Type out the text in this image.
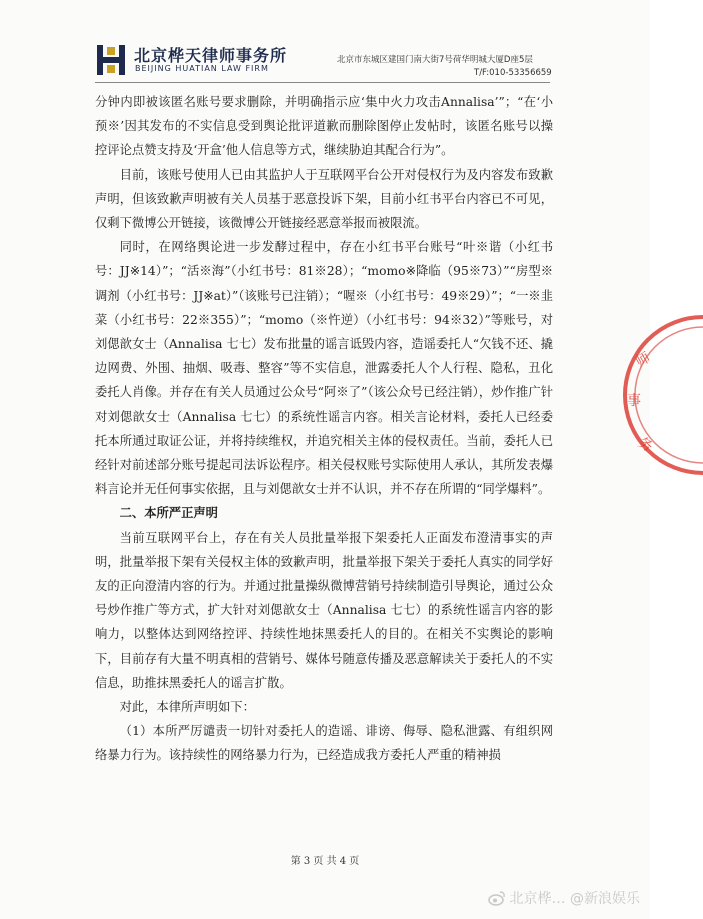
北京桦天律师事务所
BEIJING HUATIAN LAW FIRM
北京市东城区建国门南大街7号荷华明城大厦D座5层
T/F:010-53356659

分钟内即被该匿名账号要求删除，并明确指示应‘集中火力攻击Annalisa’”；“在‘小预※’因其发布的不实信息受到舆论批评道歉而删除图停止发帖时，该匿名账号以操控评论点赞支持及‘开盒’他人信息等方式，继续胁迫其配合行为”。

目前，该账号使用人已由其监护人于互联网平台公开对侵权行为及内容发布致歉声明，但该致歉声明被有关人员基于恶意投诉下架，目前小红书平台内容已不可见，仅剩下微博公开链接，该微博公开链接经恶意举报而被限流。

同时，在网络舆论进一步发酵过程中，存在小红书平台账号“叶※谐（小红书号：JJ※14）”；“活※海”（小红书号：81※28）；“momo※降临（95※73）”“房型※调剂（小红书号：JJ※at）”（该账号已注销）；“喔※（小红书号：49※29）”；“一※韭菜（小红书号：22※355）”；“momo（※忤逆）（小红书号：94※32）”等账号，对刘偲歆女士（Annalisa 七七）发布批量的谣言诋毁内容，造谣委托人“欠钱不还、撬边网费、外围、抽烟、吸毒、整容”等不实信息，泄露委托人个人行程、隐私，丑化委托人肖像。并存在有关人员通过公众号“阿※了”（该公众号已经注销），炒作推广针对刘偲歆女士（Annalisa 七七）的系统性谣言内容。相关言论材料，委托人已经委托本所通过取证公证，并将持续维权，并追究相关主体的侵权责任。当前，委托人已经针对前述部分账号提起司法诉讼程序。相关侵权账号实际使用人承认，其所发表爆料言论并无任何事实依据，且与刘偲歆女士并不认识，并不存在所谓的“同学爆料”。

二、本所严正声明

当前互联网平台上，存在有关人员批量举报下架委托人正面发布澄清事实的声明，批量举报下架有关侵权主体的致歉声明，批量举报下架关于委托人真实的同学好友的正向澄清内容的行为。并通过批量操纵微博营销号持续制造引导舆论，通过公众号炒作推广等方式，扩大针对刘偲歆女士（Annalisa 七七）的系统性谣言内容的影响力，以整体达到网络控评、持续性地抹黑委托人的目的。在相关不实舆论的影响下，目前存有大量不明真相的营销号、媒体号随意传播及恶意解读关于委托人的不实信息，助推抹黑委托人的谣言扩散。

对此，本律所声明如下：

（1）本所严厉谴责一切针对委托人的造谣、诽谤、侮辱、隐私泄露、有组织网络暴力行为。该持续性的网络暴力行为，已经造成我方委托人严重的精神损

师
事
务
第 3 页 共 4 页
北京桦… @新浪娱乐
